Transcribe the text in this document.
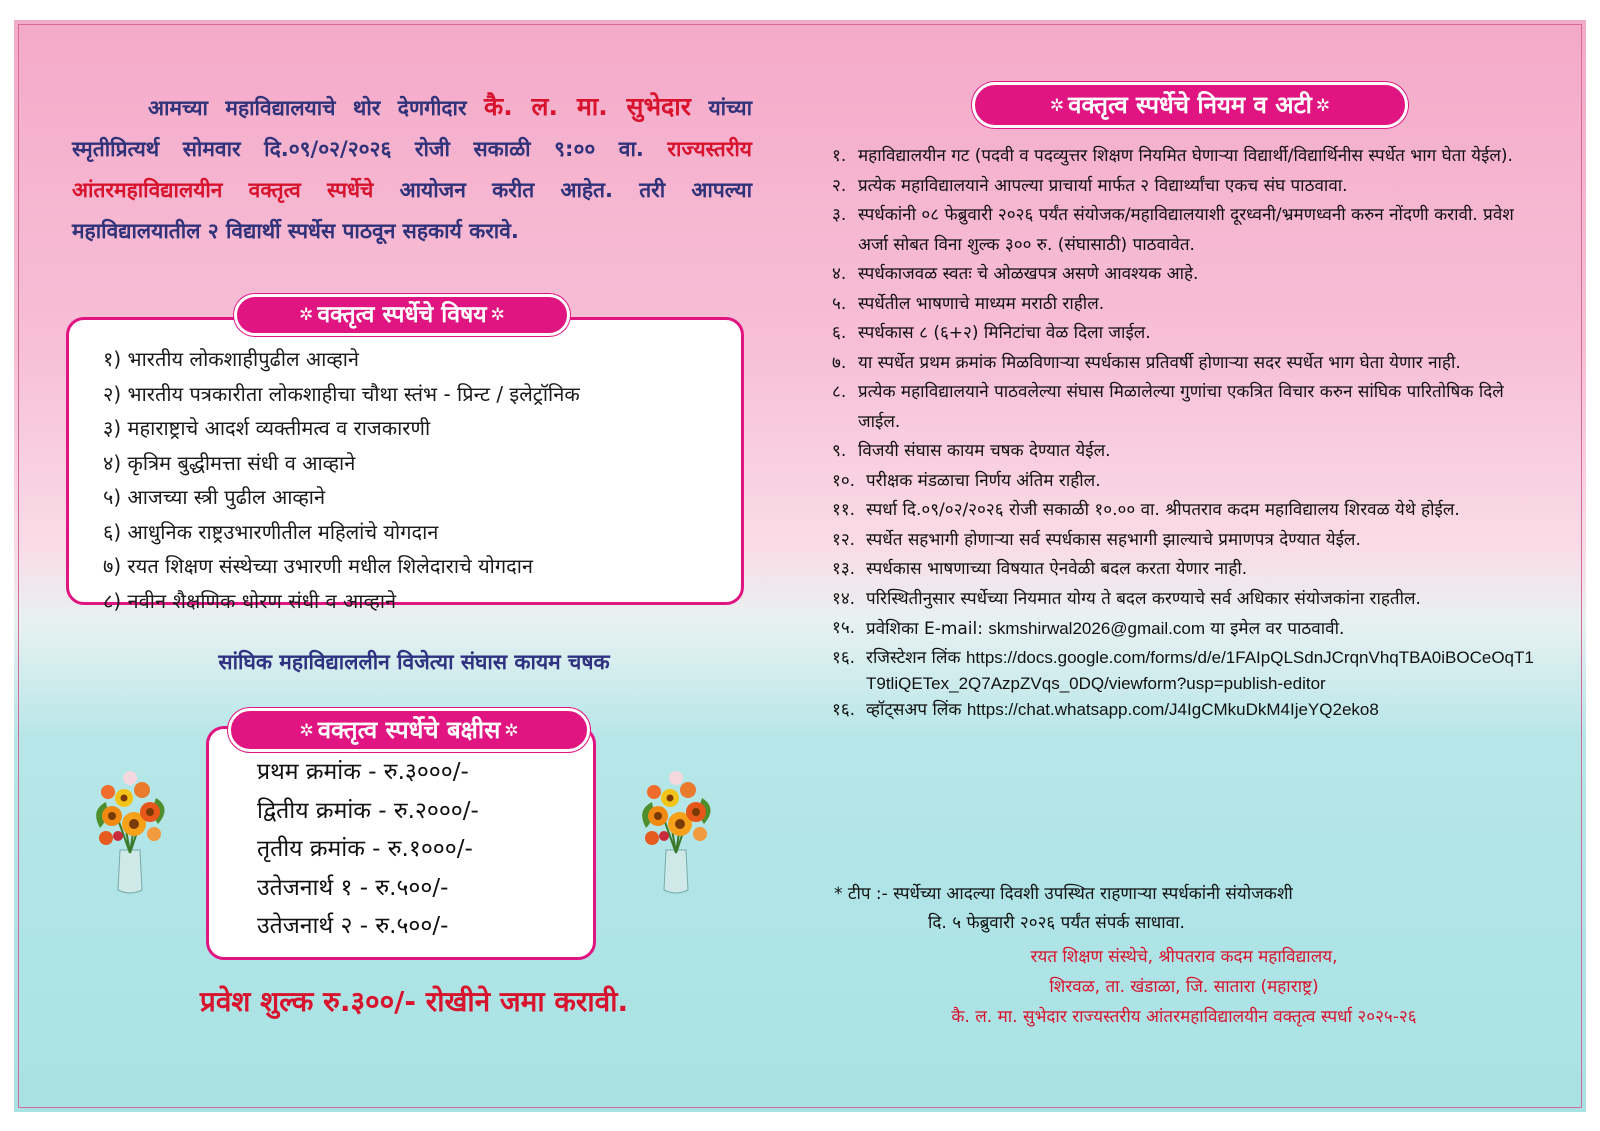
आमच्या महाविद्यालयाचे थोर देणगीदार कै. ल. मा. सुभेदार यांच्या स्मृतीप्रित्यर्थ सोमवार दि.०९/०२/२०२६ रोजी सकाळी ९:०० वा. राज्यस्तरीय आंतरमहाविद्यालयीन वक्तृत्व स्पर्धेचे आयोजन करीत आहेत. तरी आपल्या महाविद्यालयातील २ विद्यार्थी स्पर्धेस पाठवून सहकार्य करावे.
१) भारतीय लोकशाहीपुढील आव्हाने
२) भारतीय पत्रकारीता लोकशाहीचा चौथा स्तंभ - प्रिन्ट / इलेट्रॉनिक
३) महाराष्ट्राचे आदर्श व्यक्तीमत्व व राजकारणी
४) कृत्रिम बुद्धीमत्ता संधी व आव्हाने
५) आजच्या स्त्री पुढील आव्हाने
६) आधुनिक राष्ट्रउभारणीतील महिलांचे योगदान
७) रयत शिक्षण संस्थेच्या उभारणी मधील शिलेदाराचे योगदान
८) नवीन शैक्षणिक धोरण संधी व आव्हाने
✲ वक्तृत्व स्पर्धेचे विषय ✲
सांघिक महाविद्याललीन विजेत्या संघास कायम चषक
प्रथम क्रमांक - रु.३०००/-
द्वितीय क्रमांक - रु.२०००/-
तृतीय क्रमांक - रु.१०००/-
उतेजनार्थ १ - रु.५००/-
उतेजनार्थ २ - रु.५००/-
✲ वक्तृत्व स्पर्धेचे बक्षीस ✲
प्रवेश शुल्क रु.३००/- रोखीने जमा करावी.
✲ वक्तृत्व स्पर्धेचे नियम व अटी ✲
१. महाविद्यालयीन गट (पदवी व पदव्युत्तर शिक्षण नियमित घेणाऱ्या विद्यार्थी/विद्यार्थिनीस स्पर्धेत भाग घेता येईल).
२. प्रत्येक महाविद्यालयाने आपल्या प्राचार्या मार्फत २ विद्यार्थ्यांचा एकच संघ पाठवावा.
३. स्पर्धकांनी ०८ फेब्रुवारी २०२६ पर्यंत संयोजक/महाविद्यालयाशी दूरध्वनी/भ्रमणध्वनी करुन नोंदणी करावी. प्रवेश अर्जा सोबत विना शुल्क ३०० रु. (संघासाठी) पाठवावेत.
४. स्पर्धकाजवळ स्वतः चे ओळखपत्र असणे आवश्यक आहे.
५. स्पर्धेतील भाषणाचे माध्यम मराठी राहील.
६. स्पर्धकास ८ (६+२) मिनिटांचा वेळ दिला जाईल.
७. या स्पर्धेत प्रथम क्रमांक मिळविणाऱ्या स्पर्धकास प्रतिवर्षी होणाऱ्या सदर स्पर्धेत भाग घेता येणार नाही.
८. प्रत्येक महाविद्यालयाने पाठवलेल्या संघास मिळालेल्या गुणांचा एकत्रित विचार करुन सांघिक पारितोषिक दिले जाईल.
९. विजयी संघास कायम चषक देण्यात येईल.
१०. परीक्षक मंडळाचा निर्णय अंतिम राहील.
११. स्पर्धा दि.०९/०२/२०२६ रोजी सकाळी १०.०० वा. श्रीपतराव कदम महाविद्यालय शिरवळ येथे होईल.
१२. स्पर्धेत सहभागी होणाऱ्या सर्व स्पर्धकास सहभागी झाल्याचे प्रमाणपत्र देण्यात येईल.
१३. स्पर्धकास भाषणाच्या विषयात ऐनवेळी बदल करता येणार नाही.
१४. परिस्थितीनुसार स्पर्धेच्या नियमात योग्य ते बदल करण्याचे सर्व अधिकार संयोजकांना राहतील.
१५. प्रवेशिका E-mail: skmshirwal2026@gmail.com या इमेल वर पाठवावी.
१६. रजिस्टेशन लिंक https://docs.google.com/forms/d/e/1FAIpQLSdnJCrqnVhqTBA0iBOCeOqT1T9tliQETex_2Q7AzpZVqs_0DQ/viewform?usp=publish-editor
१६. व्हॉट्सअप लिंक https://chat.whatsapp.com/J4IgCMkuDkM4IjeYQ2eko8
* टीप :- स्पर्धेच्या आदल्या दिवशी उपस्थित राहणाऱ्या स्पर्धकांनी संयोजकशी
दि. ५ फेब्रुवारी २०२६ पर्यंत संपर्क साधावा.
रयत शिक्षण संस्थेचे, श्रीपतराव कदम महाविद्यालय,
शिरवळ, ता. खंडाळा, जि. सातारा (महाराष्ट्र)
कै. ल. मा. सुभेदार राज्यस्तरीय आंतरमहाविद्यालयीन वक्तृत्व स्पर्धा २०२५-२६
